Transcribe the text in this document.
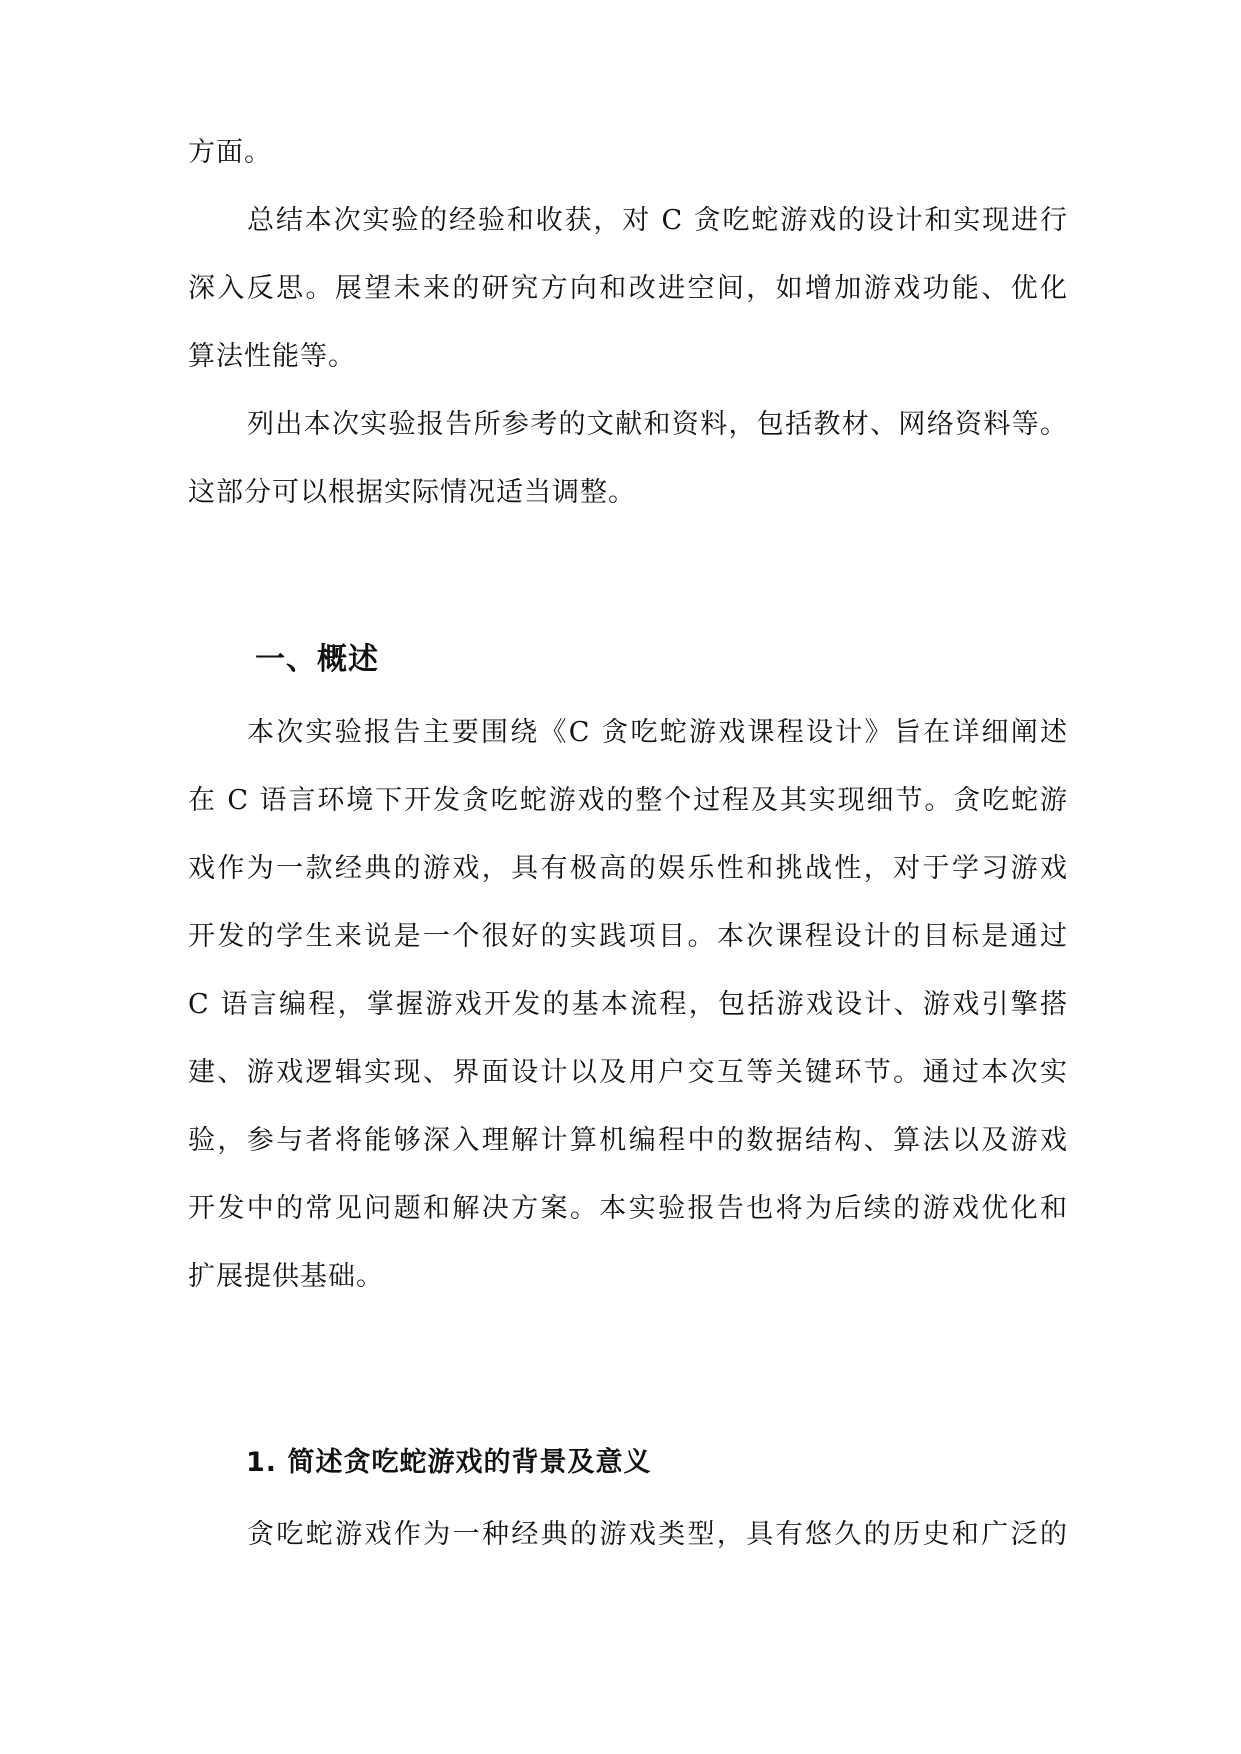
方面。
总结本次实验的经验和收获，对 C 贪吃蛇游戏的设计和实现进行
深入反思。展望未来的研究方向和改进空间，如增加游戏功能、优化
算法性能等。
列出本次实验报告所参考的文献和资料，包括教材、网络资料等。
这部分可以根据实际情况适当调整。
一、概述
本次实验报告主要围绕《C 贪吃蛇游戏课程设计》旨在详细阐述
在 C 语言环境下开发贪吃蛇游戏的整个过程及其实现细节。贪吃蛇游
戏作为一款经典的游戏，具有极高的娱乐性和挑战性，对于学习游戏
开发的学生来说是一个很好的实践项目。本次课程设计的目标是通过
C 语言编程，掌握游戏开发的基本流程，包括游戏设计、游戏引擎搭
建、游戏逻辑实现、界面设计以及用户交互等关键环节。通过本次实
验，参与者将能够深入理解计算机编程中的数据结构、算法以及游戏
开发中的常见问题和解决方案。本实验报告也将为后续的游戏优化和
扩展提供基础。
1. 简述贪吃蛇游戏的背景及意义
贪吃蛇游戏作为一种经典的游戏类型，具有悠久的历史和广泛的
